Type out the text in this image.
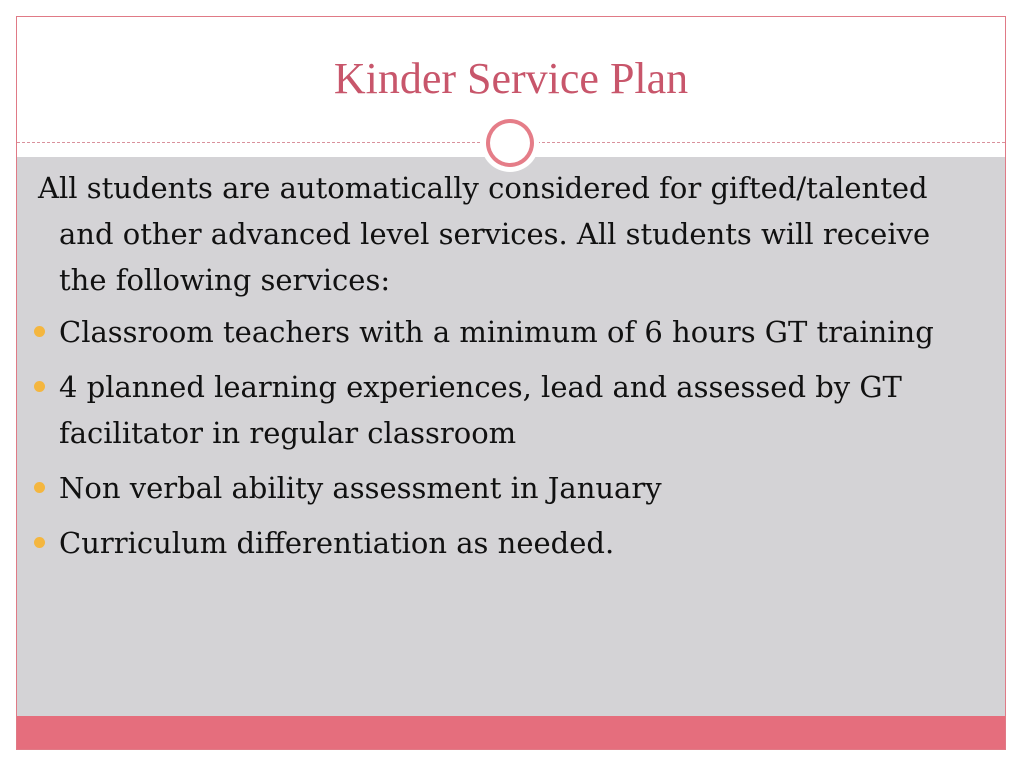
Kinder Service Plan

All students are automatically considered for gifted/talented and other advanced level services. All students will receive the following services:

Classroom teachers with a minimum of 6 hours GT training
4 planned learning experiences, lead and assessed by GT facilitator in regular classroom
Non verbal ability assessment in January
Curriculum differentiation as needed.
